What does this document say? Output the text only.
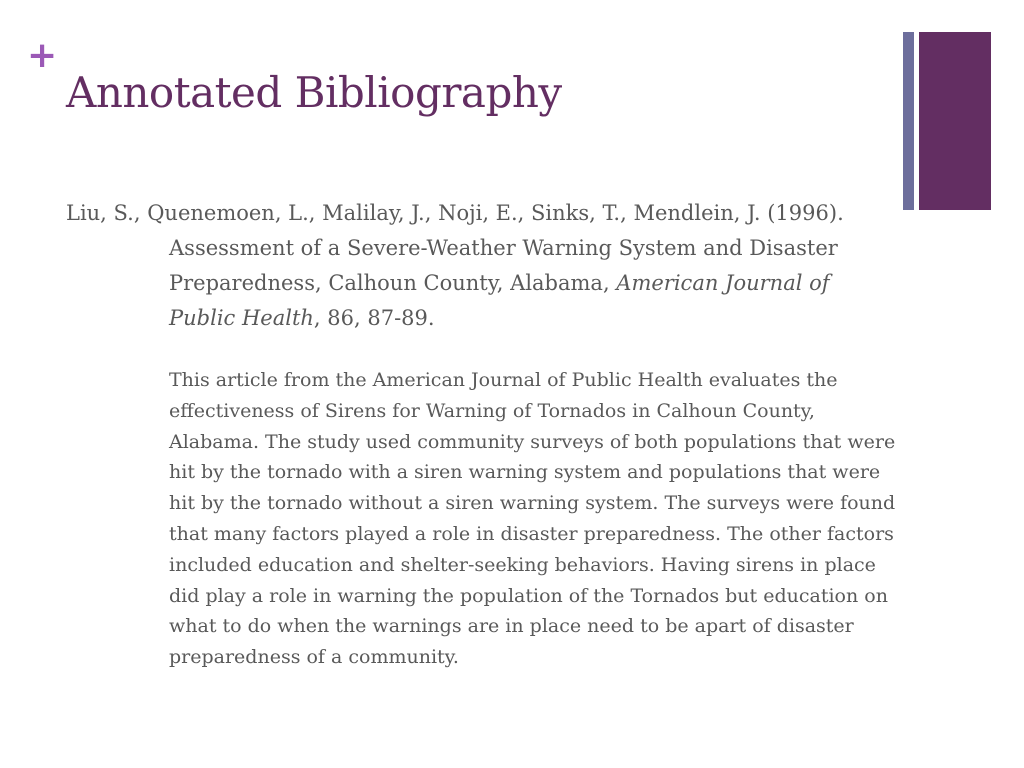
+
Annotated Bibliography

Liu, S., Quenemoen, L., Malilay, J., Noji, E., Sinks, T., Mendlein, J. (1996). Assessment of a Severe-Weather Warning System and Disaster Preparedness, Calhoun County, Alabama, American Journal of Public Health, 86, 87-89.

This article from the American Journal of Public Health evaluates the effectiveness of Sirens for Warning of Tornados in Calhoun County, Alabama. The study used community surveys of both populations that were hit by the tornado with a siren warning system and populations that were hit by the tornado without a siren warning system. The surveys were found that many factors played a role in disaster preparedness. The other factors included education and shelter-seeking behaviors. Having sirens in place did play a role in warning the population of the Tornados but education on what to do when the warnings are in place need to be apart of disaster preparedness of a community.
